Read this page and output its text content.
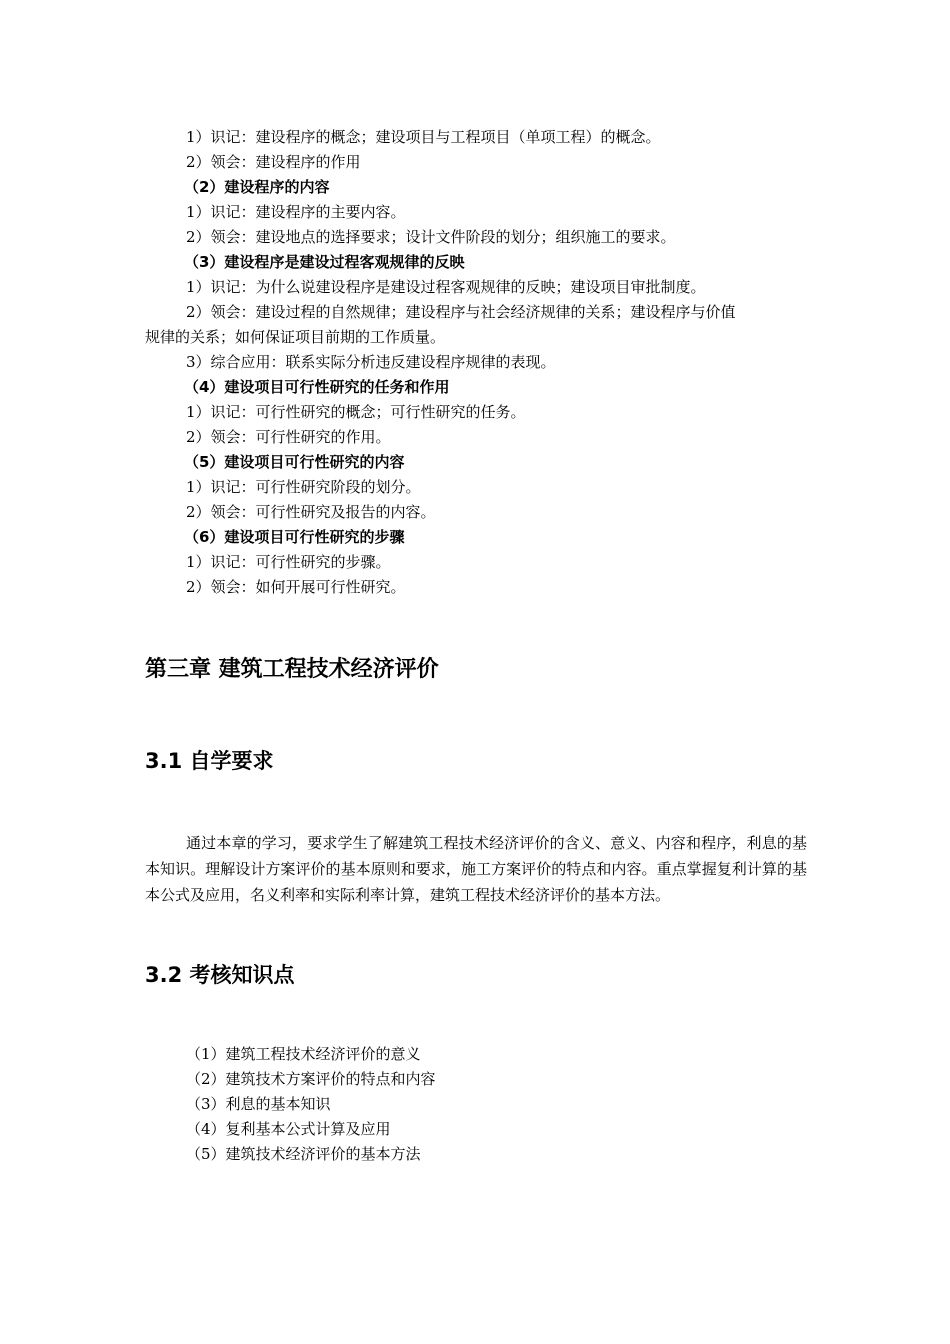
1）识记：建设程序的概念；建设项目与工程项目（单项工程）的概念。
2）领会：建设程序的作用
（2）建设程序的内容
1）识记：建设程序的主要内容。
2）领会：建设地点的选择要求；设计文件阶段的划分；组织施工的要求。
（3）建设程序是建设过程客观规律的反映
1）识记：为什么说建设程序是建设过程客观规律的反映；建设项目审批制度。
2）领会：建设过程的自然规律；建设程序与社会经济规律的关系；建设程序与价值
规律的关系；如何保证项目前期的工作质量。
3）综合应用：联系实际分析违反建设程序规律的表现。
（4）建设项目可行性研究的任务和作用
1）识记：可行性研究的概念；可行性研究的任务。
2）领会：可行性研究的作用。
（5）建设项目可行性研究的内容
1）识记：可行性研究阶段的划分。
2）领会：可行性研究及报告的内容。
（6）建设项目可行性研究的步骤
1）识记：可行性研究的步骤。
2）领会：如何开展可行性研究。
第三章 建筑工程技术经济评价
3.1 自学要求
通过本章的学习，要求学生了解建筑工程技术经济评价的含义、意义、内容和程序，利息的基本知识。理解设计方案评价的基本原则和要求，施工方案评价的特点和内容。重点掌握复利计算的基本公式及应用，名义利率和实际利率计算，建筑工程技术经济评价的基本方法。
3.2 考核知识点
（1）建筑工程技术经济评价的意义
（2）建筑技术方案评价的特点和内容
（3）利息的基本知识
（4）复利基本公式计算及应用
（5）建筑技术经济评价的基本方法
